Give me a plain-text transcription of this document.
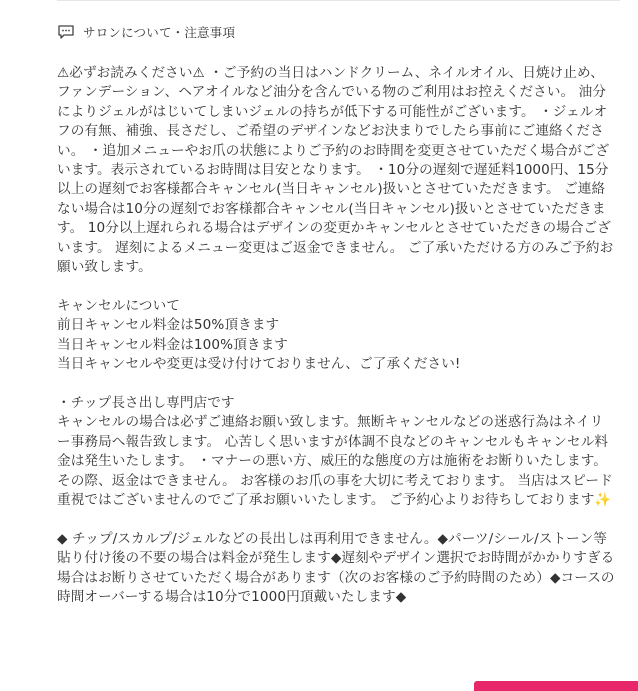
サロンについて・注意事項

⚠必ずお読みください⚠ ・ご予約の当日はハンドクリーム、ネイルオイル、日焼け止め、ファンデーション、ヘアオイルなど油分を含んでいる物のご利用はお控えください。 油分によりジェルがはじいてしまいジェルの持ちが低下する可能性がございます。 ・ジェルオフの有無、補強、長さだし、ご希望のデザインなどお決まりでしたら事前にご連絡ください。 ・追加メニューやお爪の状態によりご予約のお時間を変更させていただく場合がございます。表示されているお時間は目安となります。 ・10分の遅刻で遅延料1000円、15分以上の遅刻でお客様都合キャンセル(当日キャンセル)扱いとさせていただきます。 ご連絡ない場合は10分の遅刻でお客様都合キャンセル(当日キャンセル)扱いとさせていただきます。 10分以上遅れられる場合はデザインの変更かキャンセルとさせていただきの場合ございます。 遅刻によるメニュー変更はご返金できません。 ご了承いただける方のみご予約お願い致します。

キャンセルについて
前日キャンセル料金は50%頂きます
当日キャンセル料金は100%頂きます
当日キャンセルや変更は受け付けておりません、ご了承ください!

・チップ長さ出し専門店です
キャンセルの場合は必ずご連絡お願い致します。無断キャンセルなどの迷惑行為はネイリー事務局へ報告致します。 心苦しく思いますが体調不良などのキャンセルもキャンセル料金は発生いたします。 ・マナーの悪い方、威圧的な態度の方は施術をお断りいたします。その際、返金はできません。 お客様のお爪の事を大切に考えております。 当店はスピード重視ではございませんのでご了承お願いいたします。 ご予約心よりお待ちしております✨

◆ チップ/スカルプ/ジェルなどの長出しは再利用できません。◆パーツ/シール/ストーン等貼り付け後の不要の場合は料金が発生します◆遅刻やデザイン選択でお時間がかかりすぎる場合はお断りさせていただく場合があります（次のお客様のご予約時間のため）◆コースの時間オーバーする場合は10分で1000円頂戴いたします◆
